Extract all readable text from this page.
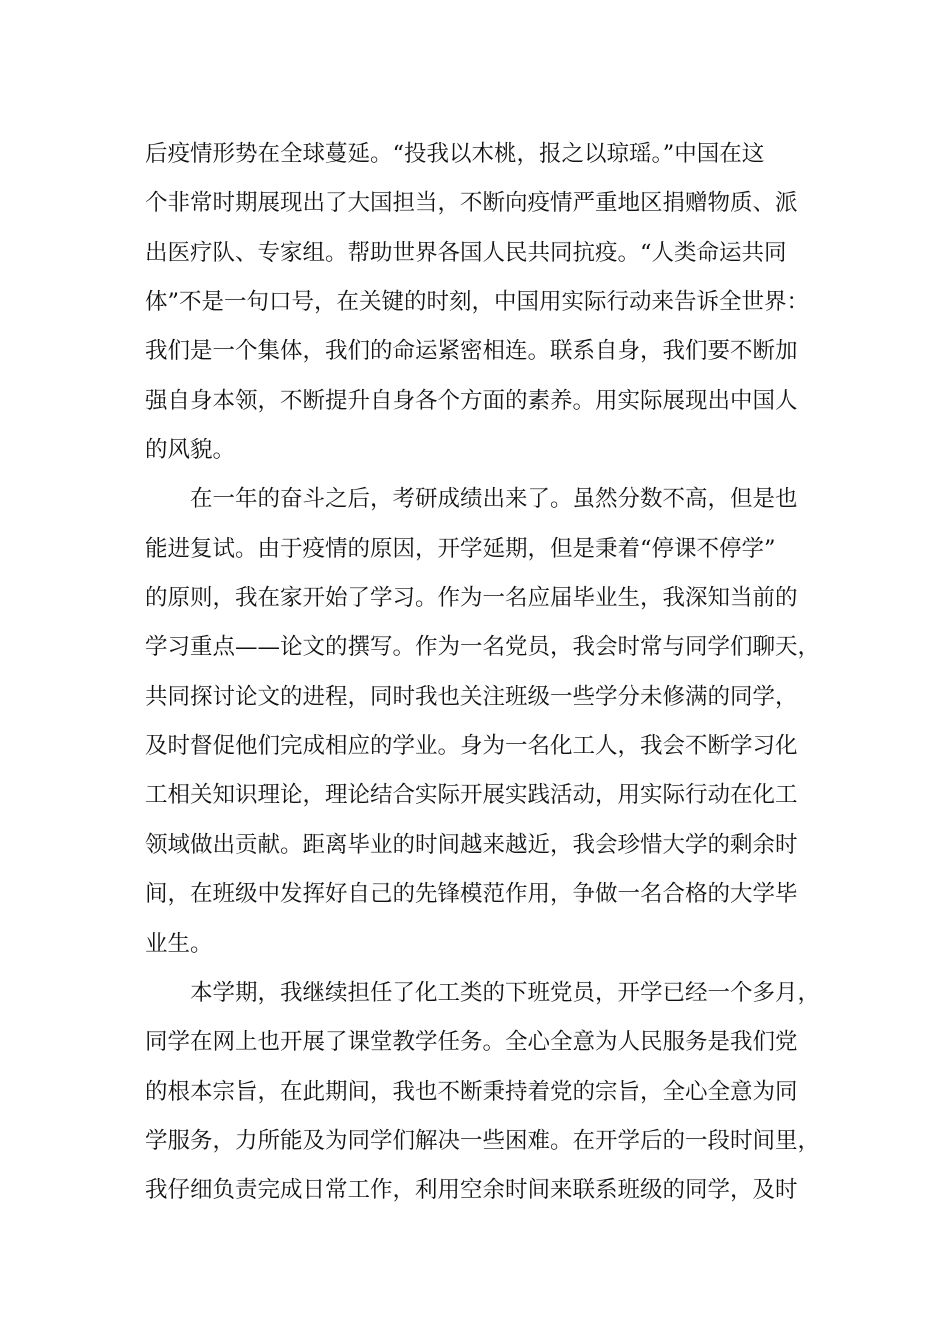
后疫情形势在全球蔓延。“投我以木桃，报之以琼瑶。”中国在这
个非常时期展现出了大国担当，不断向疫情严重地区捐赠物质、派
出医疗队、专家组。帮助世界各国人民共同抗疫。“人类命运共同
体”不是一句口号，在关键的时刻，中国用实际行动来告诉全世界：
我们是一个集体，我们的命运紧密相连。联系自身，我们要不断加
强自身本领，不断提升自身各个方面的素养。用实际展现出中国人
的风貌。
在一年的奋斗之后，考研成绩出来了。虽然分数不高，但是也
能进复试。由于疫情的原因，开学延期，但是秉着“停课不停学”
的原则，我在家开始了学习。作为一名应届毕业生，我深知当前的
学习重点——论文的撰写。作为一名党员，我会时常与同学们聊天，
共同探讨论文的进程，同时我也关注班级一些学分未修满的同学，
及时督促他们完成相应的学业。身为一名化工人，我会不断学习化
工相关知识理论，理论结合实际开展实践活动，用实际行动在化工
领域做出贡献。距离毕业的时间越来越近，我会珍惜大学的剩余时
间，在班级中发挥好自己的先锋模范作用，争做一名合格的大学毕
业生。
本学期，我继续担任了化工类的下班党员，开学已经一个多月，
同学在网上也开展了课堂教学任务。全心全意为人民服务是我们党
的根本宗旨，在此期间，我也不断秉持着党的宗旨，全心全意为同
学服务，力所能及为同学们解决一些困难。在开学后的一段时间里，
我仔细负责完成日常工作，利用空余时间来联系班级的同学，及时
